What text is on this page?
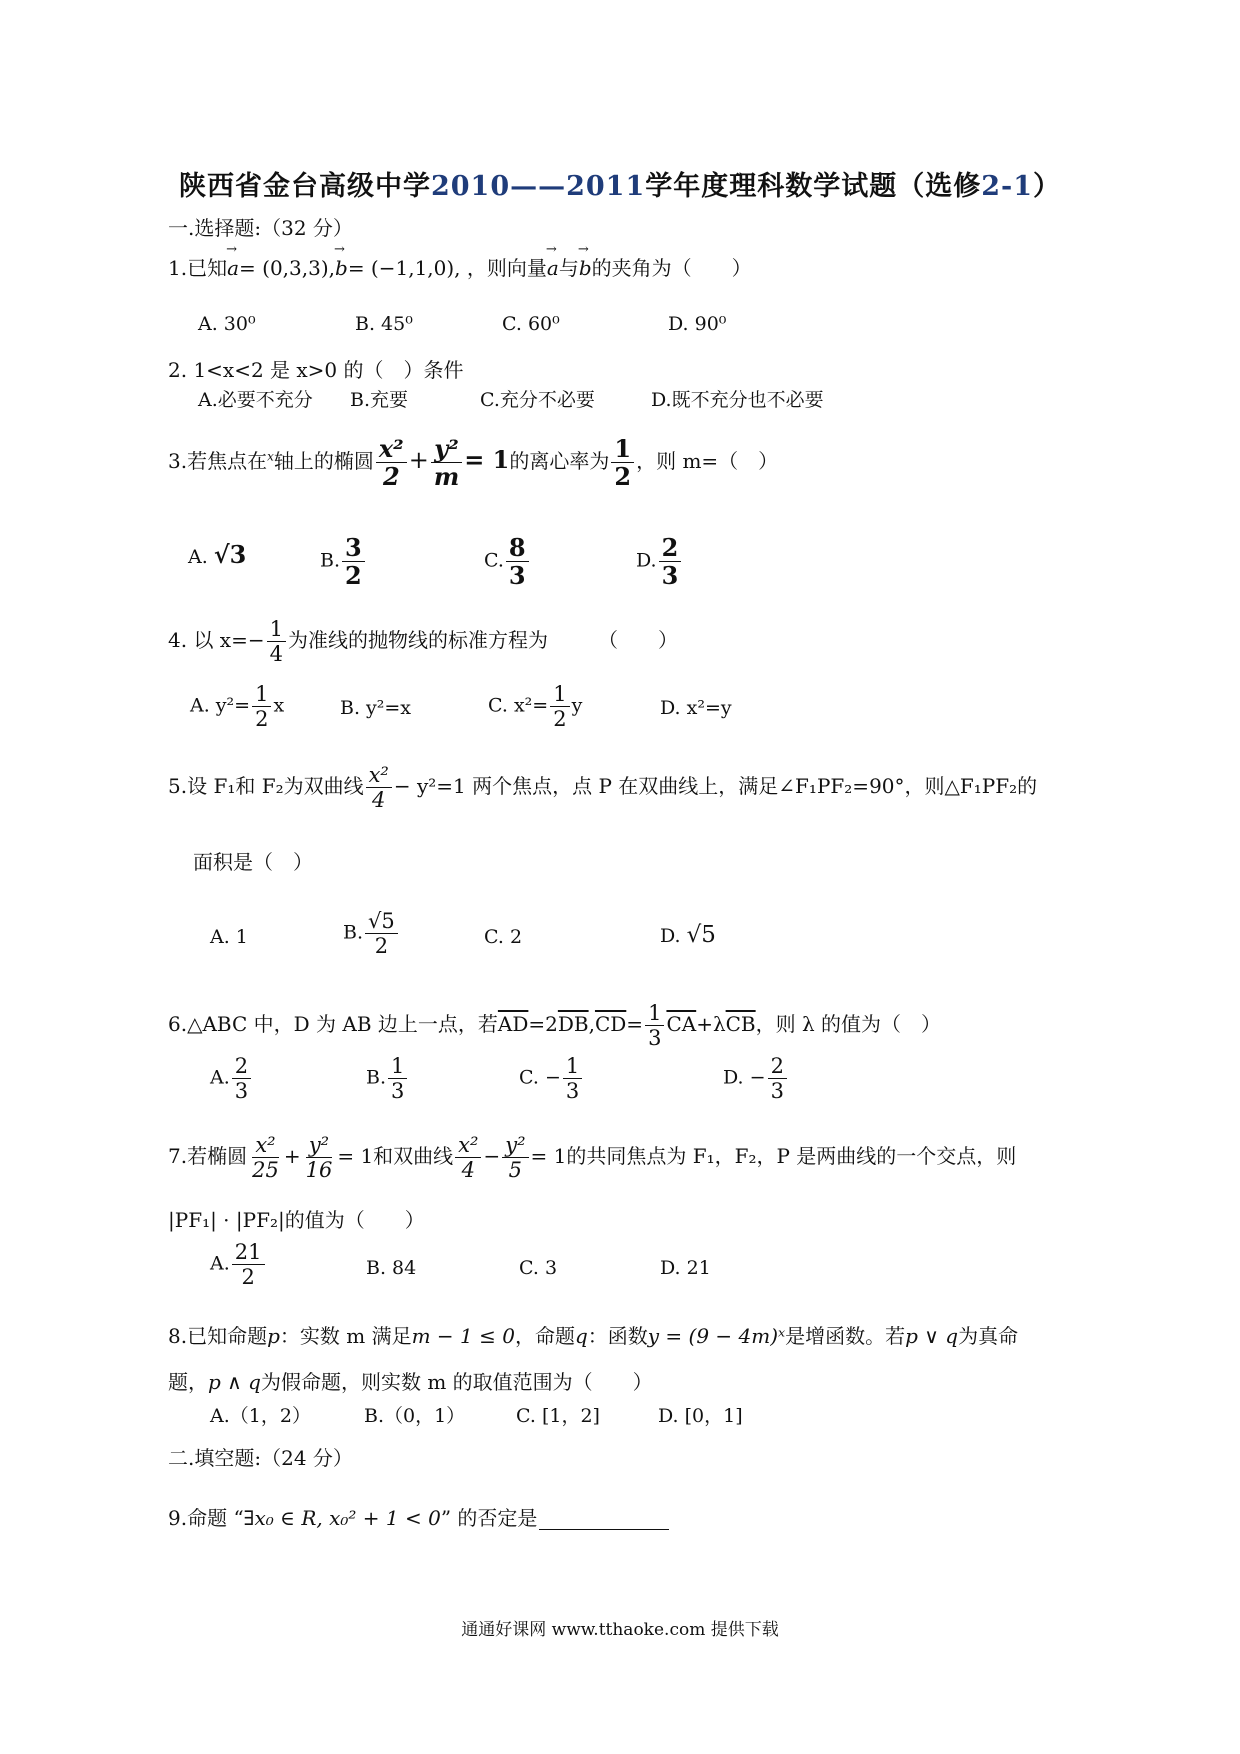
陕西省金台高级中学2010——2011学年度理科数学试题（选修2-1）
一.选择题:（32 分）
1.已知→ a= (0,3,3),→ b= (−1,1,0), ，则向量→ a与→ b的夹角为（　　）
A. 30⁰	B. 45⁰	C. 60⁰	D. 90⁰
2. 1<x<2 是 x>0 的（　）条件
A.必要不充分 B.充要	C.充分不必要	D.既不充分也不必要
3.若焦点在$^x$轴上的椭圆 $\frac{\text{x²}}{2} + \frac{\text{y²}}{m} = 1$的离心率为 $\frac{1}{2}$ ，则 m=（　）
A. √3	B. $\frac{3}{2}$	C. $\frac{8}{3}$	D. $\frac{2}{3}$
4. 以 $x=- \frac{1}{4}$ 为准线的抛物线的标准方程为	（　　）
A. $y^2= \frac{1}{2}$ x	B. y²=x	C. $x^2= \frac{1}{2}$ y	D. x²=y
5.设 F₁和 F₂为双曲线 $\frac{\text{x²}}{4} - y^2=1$ 两个焦点，点 P 在双曲线上，满足∠F₁PF₂=90°，则△F₁PF₂的
面积是（　）
A. 1	B. $\frac{√5}{2}$	C. 2	D. √5
6.△ABC 中，D 为 AB 边上一点，若$\overline{AD}=2\overline{DB},\overline{CD}= \frac{1}{3} \overline{CA}+\lambda\overline{CB}$，则 λ 的值为（　）
A. $\frac{2}{3}$	B. $\frac{1}{3}$	C. − $\frac{1}{3}$	D. − $\frac{2}{3}$
7.若椭圆 $\frac{\text{x²}}{25} + \frac{\text{y²}}{16} = 1$和双曲线 $\frac{\text{x²}}{4} - \frac{\text{y²}}{5} = 1$的共同焦点为 F₁，F₂，P 是两曲线的一个交点，则
|PF₁| · |PF₂|的值为（　　）
A. $\frac{21}{2}$	B. 84	C. 3	D. 21
8.已知命题p：实数 m 满足m − 1 ≤ 0，命题q：函数y = (9 − 4m)ˣ是增函数。若p ∨ q为真命
题，p ∧ q为假命题，则实数 m 的取值范围为（　　）
A.（1，2）	B.（0，1）	C. [1，2]	D. [0，1]
二.填空题:（24 分）
9.命题 “∃x₀ ∈ R, x₀² + 1 < 0” 的否定是
通通好课网 www.tthaoke.com 提供下载
